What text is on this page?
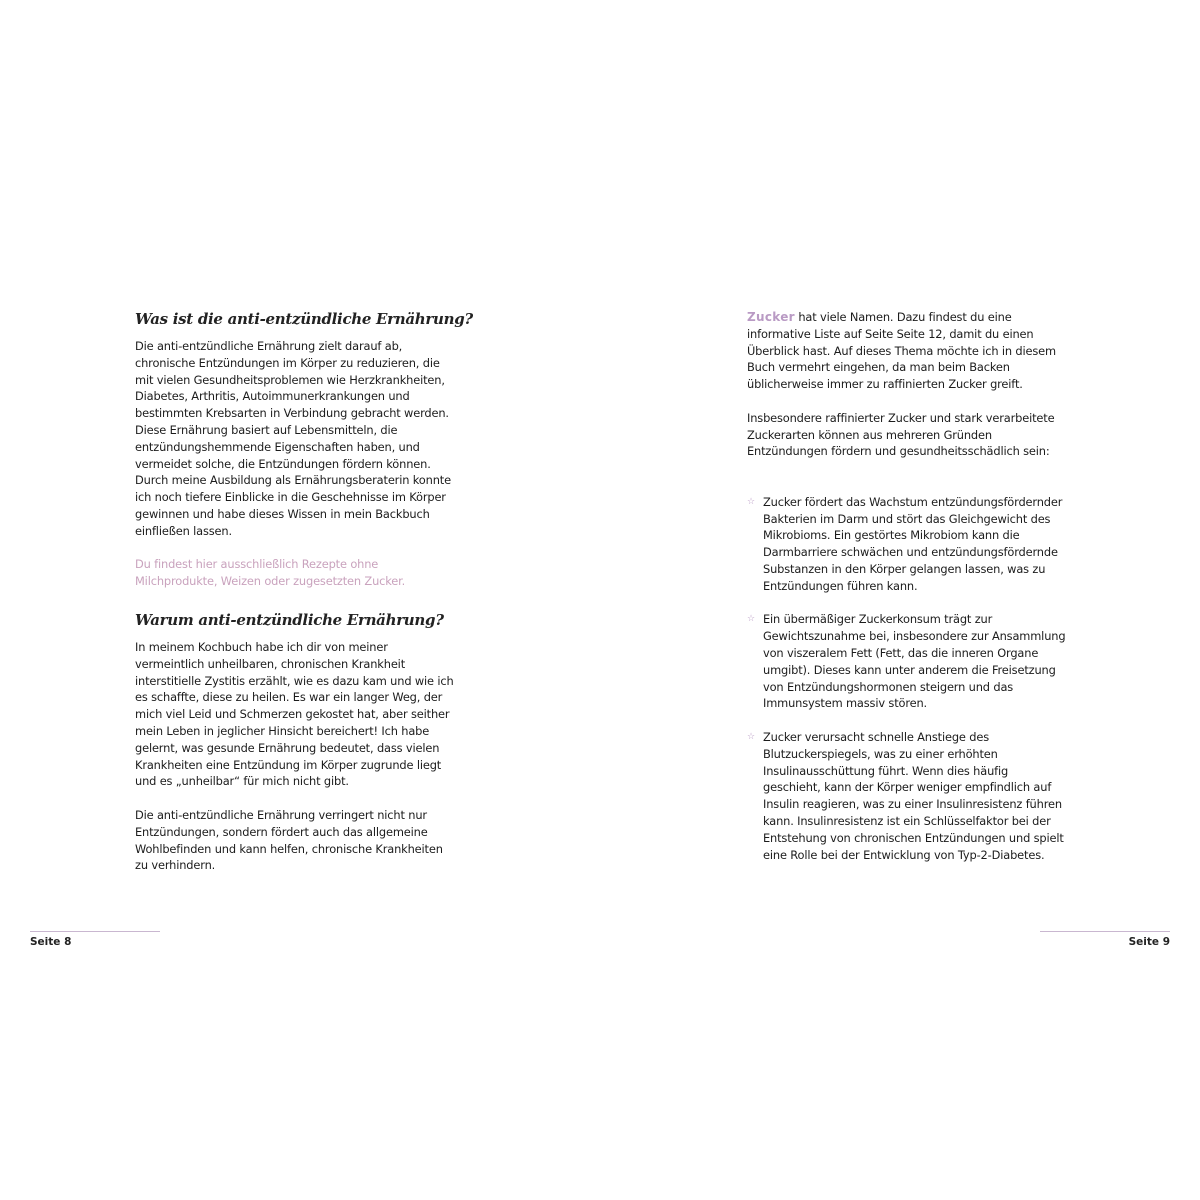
Was ist die anti-entzündliche Ernährung?

Die anti-entzündliche Ernährung zielt darauf ab, chronische Entzündungen im Körper zu reduzieren, die mit vielen Gesundheitsproblemen wie Herzkrankheiten, Diabetes, Arthritis, Autoimmunerkrankungen und bestimmten Krebsarten in Verbindung gebracht werden. Diese Ernährung basiert auf Lebensmitteln, die entzündungshemmende Eigenschaften haben, und vermeidet solche, die Entzündungen fördern können. Durch meine Ausbildung als Ernährungsberaterin konnte ich noch tiefere Einblicke in die Geschehnisse im Körper gewinnen und habe dieses Wissen in mein Backbuch einfließen lassen.

Du findest hier ausschließlich Rezepte ohne Milchprodukte, Weizen oder zugesetzten Zucker.

Warum anti-entzündliche Ernährung?

In meinem Kochbuch habe ich dir von meiner vermeintlich unheilbaren, chronischen Krankheit interstitielle Zystitis erzählt, wie es dazu kam und wie ich es schaffte, diese zu heilen. Es war ein langer Weg, der mich viel Leid und Schmerzen gekostet hat, aber seither mein Leben in jeglicher Hinsicht bereichert! Ich habe gelernt, was gesunde Ernährung bedeutet, dass vielen Krankheiten eine Entzündung im Körper zugrunde liegt und es „unheilbar“ für mich nicht gibt.

Die anti-entzündliche Ernährung verringert nicht nur Entzündungen, sondern fördert auch das allgemeine Wohlbefinden und kann helfen, chronische Krankheiten zu verhindern.

Seite 8

Zucker hat viele Namen. Dazu findest du eine informative Liste auf Seite Seite 12, damit du einen Überblick hast. Auf dieses Thema möchte ich in diesem Buch vermehrt eingehen, da man beim Backen üblicherweise immer zu raffinierten Zucker greift.

Insbesondere raffinierter Zucker und stark verarbeitete Zuckerarten können aus mehreren Gründen Entzündungen fördern und gesundheitsschädlich sein:

☆ Zucker fördert das Wachstum entzündungsfördernder Bakterien im Darm und stört das Gleichgewicht des Mikrobioms. Ein gestörtes Mikrobiom kann die Darmbarriere schwächen und entzündungsfördernde Substanzen in den Körper gelangen lassen, was zu Entzündungen führen kann.
☆ Ein übermäßiger Zuckerkonsum trägt zur Gewichtszunahme bei, insbesondere zur Ansammlung von viszeralem Fett (Fett, das die inneren Organe umgibt). Dieses kann unter anderem die Freisetzung von Entzündungshormonen steigern und das Immunsystem massiv stören.
☆ Zucker verursacht schnelle Anstiege des Blutzuckerspiegels, was zu einer erhöhten Insulinausschüttung führt. Wenn dies häufig geschieht, kann der Körper weniger empfindlich auf Insulin reagieren, was zu einer Insulinresistenz führen kann. Insulinresistenz ist ein Schlüsselfaktor bei der Entstehung von chronischen Entzündungen und spielt eine Rolle bei der Entwicklung von Typ-2-Diabetes.
Seite 9
